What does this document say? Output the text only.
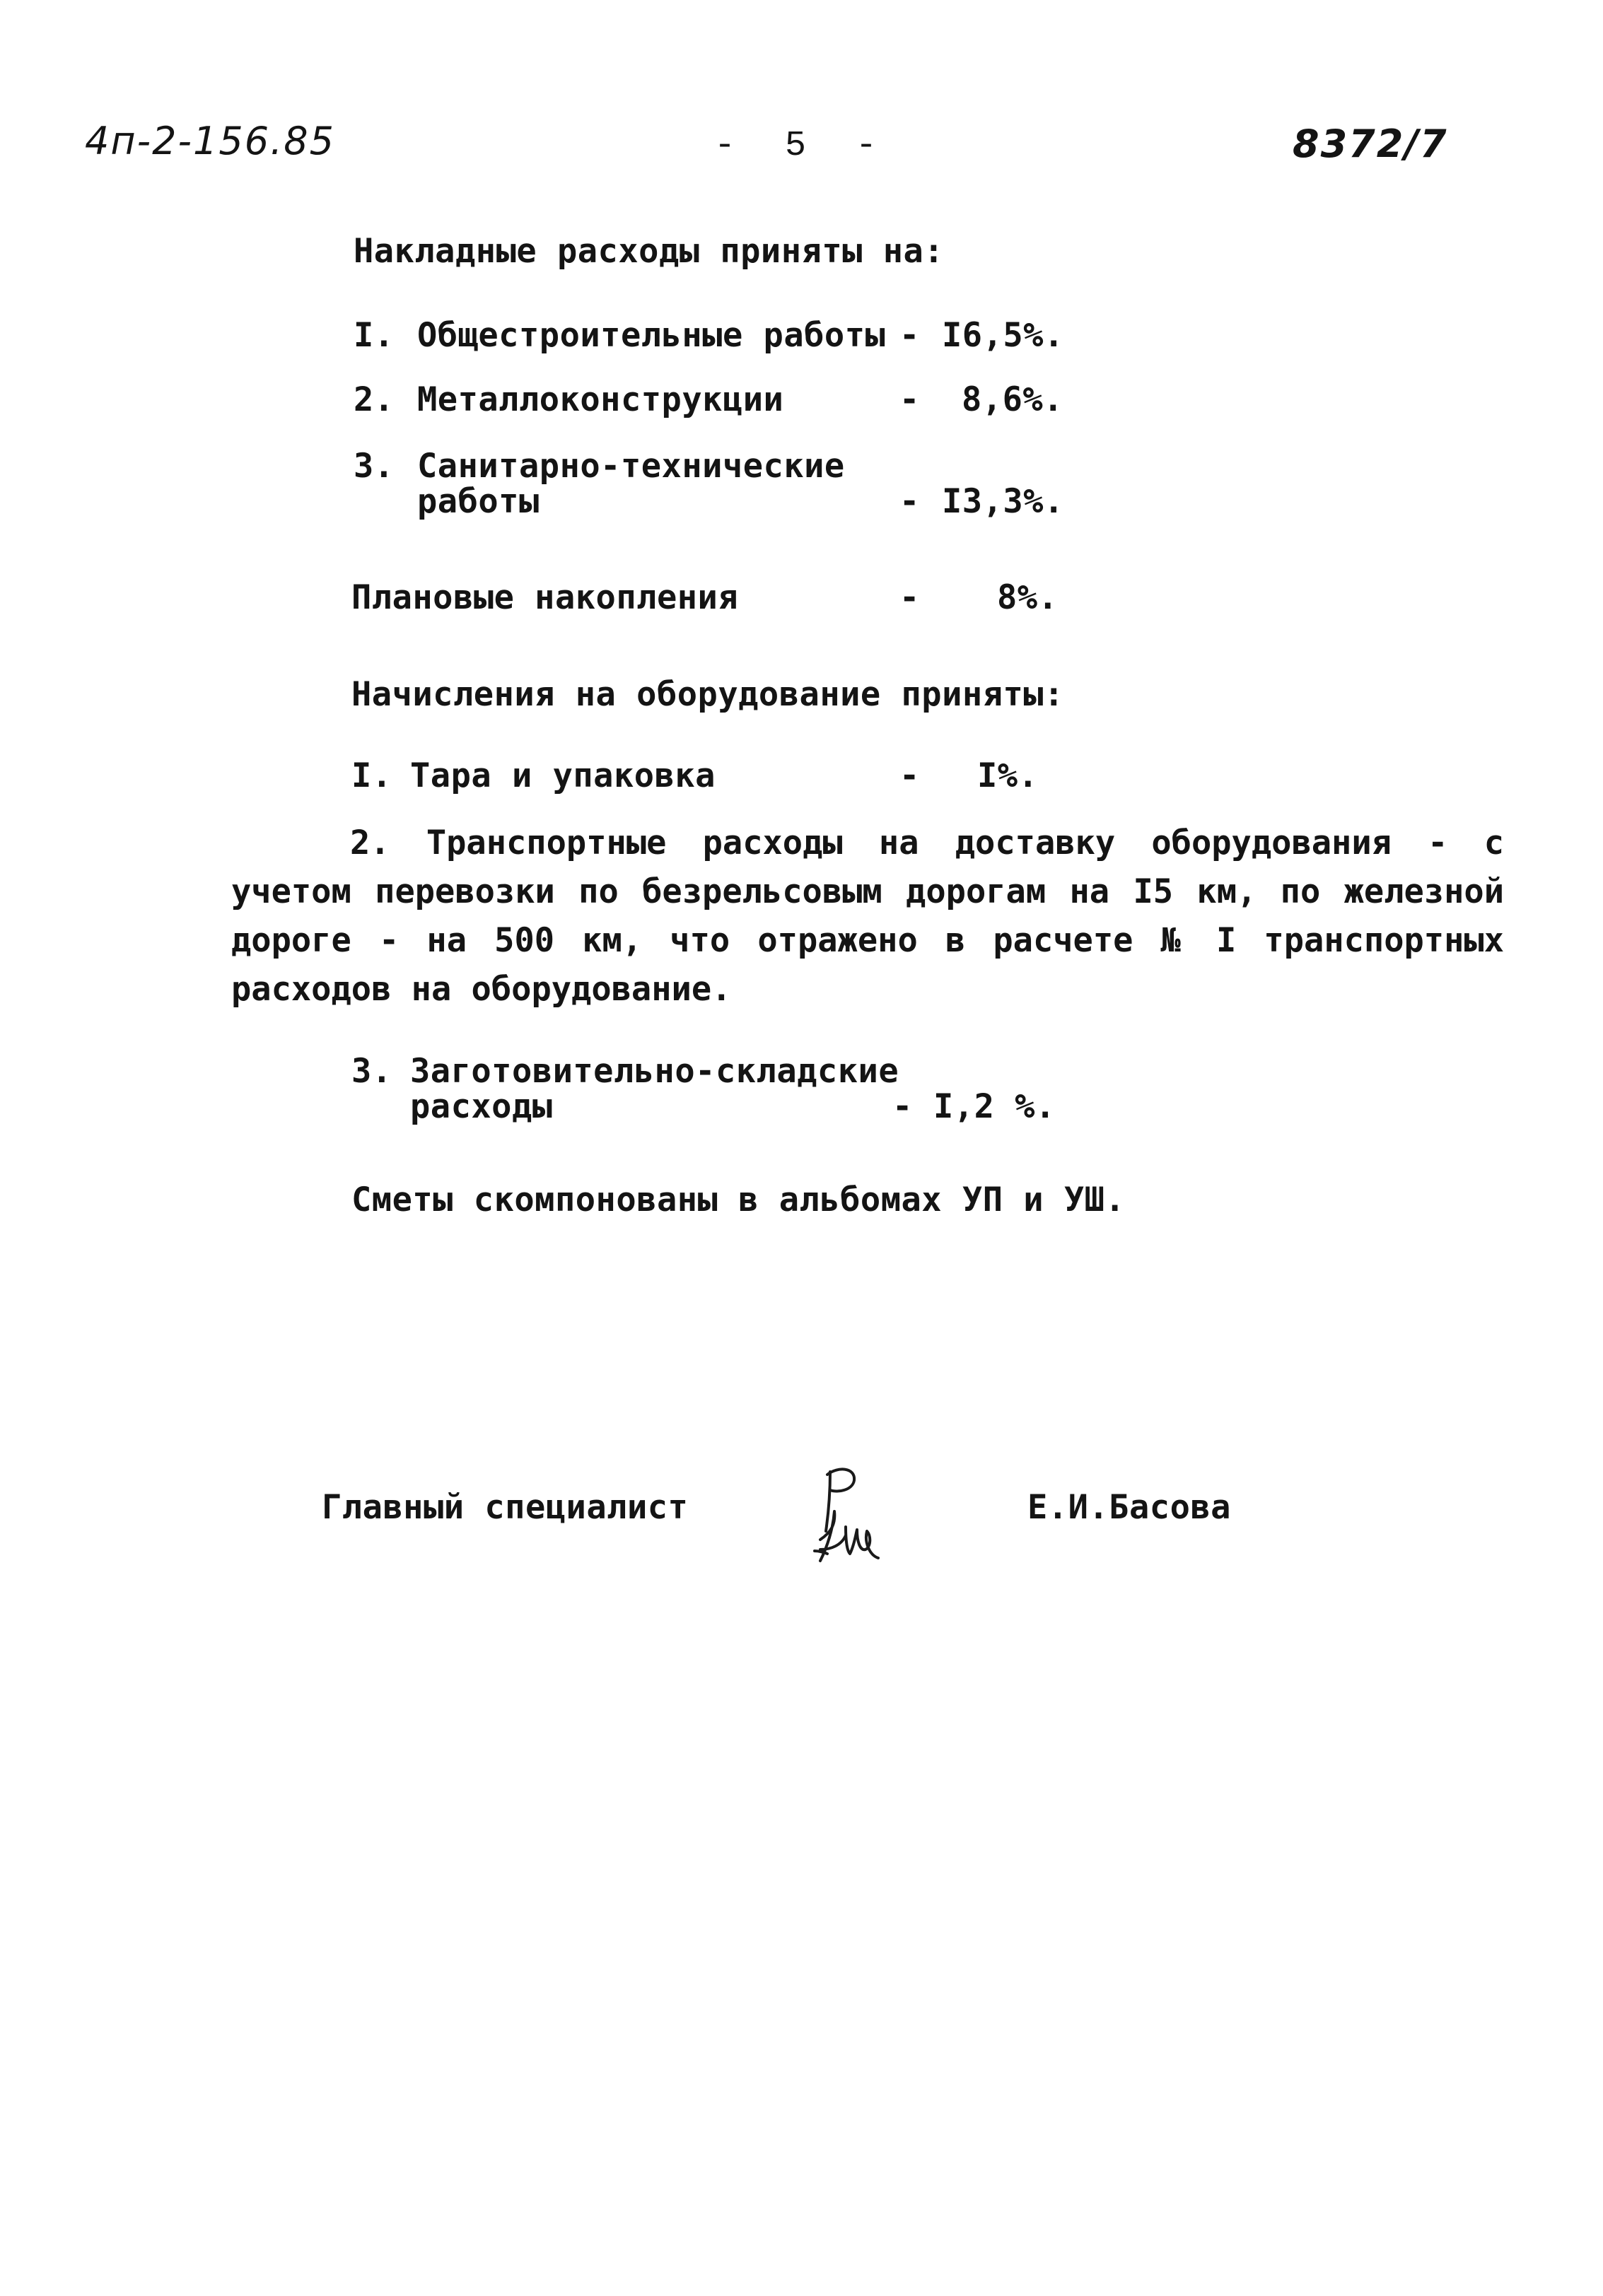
4п-2-156.85	- 5 -	8372/7
Накладные расходы приняты на:
I. Общестроительные работы - I6,5%.
2. Металлоконструкции	- 8,6%.
3. Санитарно-технические
работы	- I3,3%.
Плановые накопления	- 8%.
Начисления на оборудование приняты:
I. Тара и упаковка	- I%.
2. Транспортные расходы на доставку оборудования - с учетом перевозки по безрельсовым дорогам на I5 км, по железной дороге - на 500 км, что отражено в расчете № I транспортных расходов на оборудование.
3. Заготовительно-складские
расходы	- I,2 %.
Сметы скомпонованы в альбомах УП и УШ.
Главный специалист

	Е.И.Басова
